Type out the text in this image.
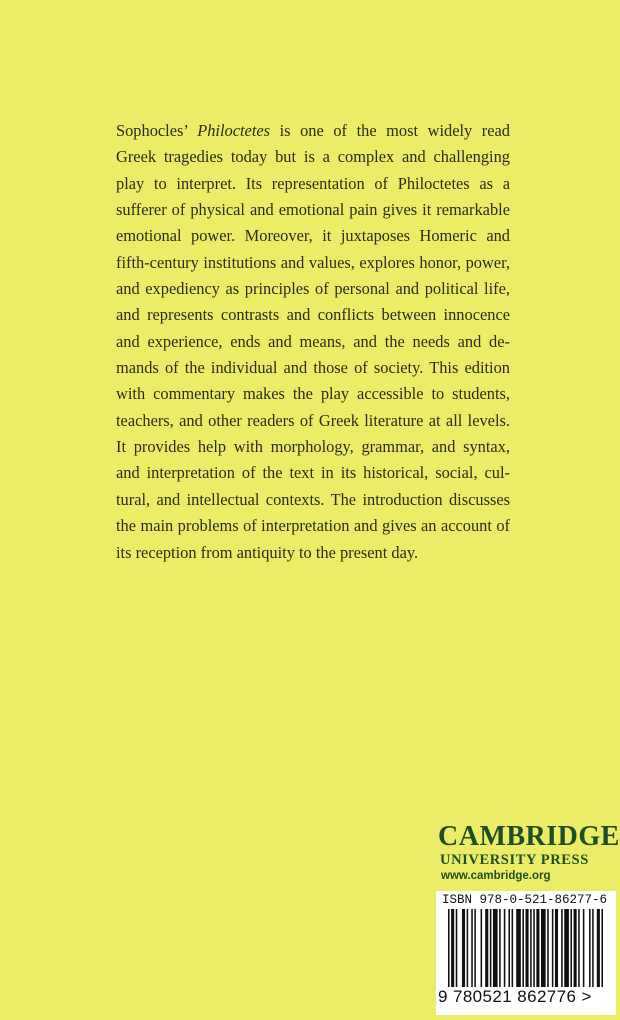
Sophocles’ Philoctetes is one of the most widely read Greek tragedies today but is a complex and challenging play to interpret. Its representation of Philoctetes as a sufferer of physical and emotional pain gives it remarkable emotional power. Moreover, it juxtaposes Homeric and fifth-century institutions and values, explores honor, power, and expediency as principles of personal and political life, and represents contrasts and conflicts between innocence and experience, ends and means, and the needs and demands of the individual and those of society. This edition with commentary makes the play accessible to students, teachers, and other readers of Greek literature at all levels. It provides help with morphology, grammar, and syntax, and interpretation of the text in its historical, social, cultural, and intellectual contexts. The introduction discusses the main problems of interpretation and gives an account of its reception from antiquity to the present day.

CAMBRIDGE
UNIVERSITY PRESS
www.cambridge.org
ISBN 978-0-521-86277-6
9 780521 862776 >
